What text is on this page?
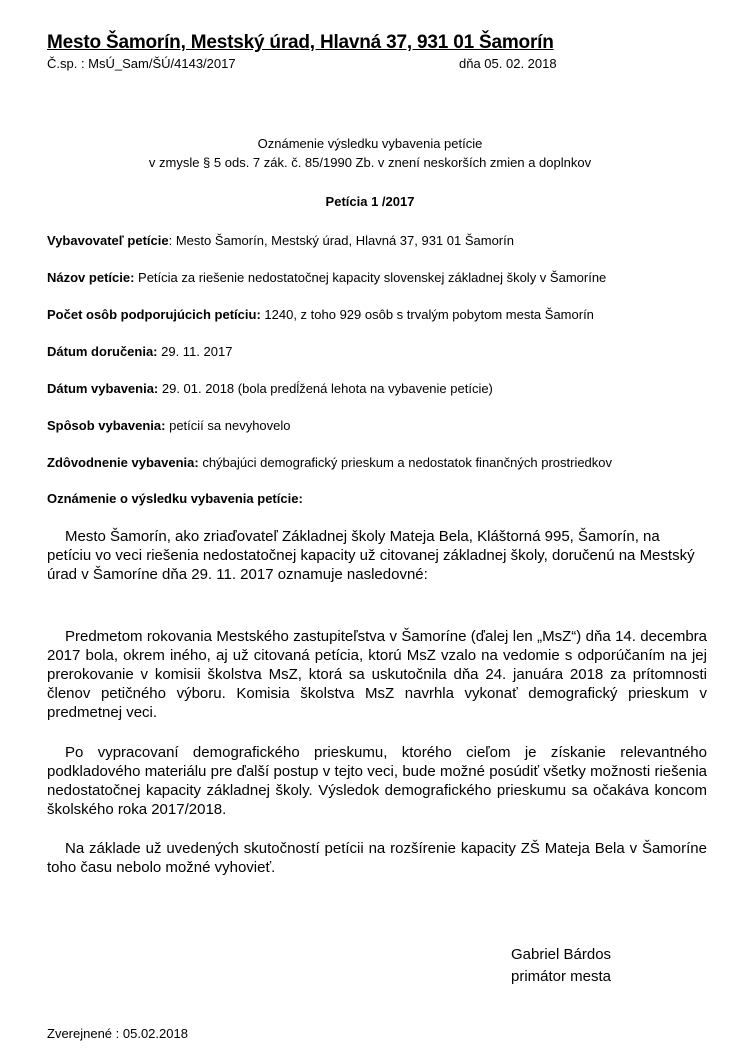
Mesto Šamorín, Mestský úrad, Hlavná 37, 931 01 Šamorín
Č.sp. : MsÚ_Sam/ŠÚ/4143/2017	dňa 05. 02. 2018
Oznámenie výsledku vybavenia petície
v zmysle § 5 ods. 7 zák. č. 85/1990 Zb. v znení neskorších zmien a doplnkov
Petícia 1 /2017
Vybavovateľ petície: Mesto Šamorín, Mestský úrad, Hlavná 37, 931 01 Šamorín
Názov petície: Petícia za riešenie nedostatočnej kapacity slovenskej základnej školy v Šamoríne
Počet osôb podporujúcich petíciu: 1240, z toho 929 osôb s trvalým pobytom mesta Šamorín
Dátum doručenia: 29. 11. 2017
Dátum vybavenia: 29. 01. 2018 (bola predĺžená lehota na vybavenie petície)
Spôsob vybavenia: petícií sa nevyhovelo
Zdôvodnenie vybavenia: chýbajúci demografický prieskum a nedostatok finančných prostriedkov
Oznámenie o výsledku vybavenia petície:
Mesto Šamorín, ako zriaďovateľ Základnej školy Mateja Bela, Kláštorná 995, Šamorín, na petíciu vo veci riešenia nedostatočnej kapacity už citovanej základnej školy, doručenú na Mestský úrad v Šamoríne dňa 29. 11. 2017 oznamuje nasledovné:
Predmetom rokovania Mestského zastupiteľstva v Šamoríne (ďalej len „MsZ“) dňa 14. decembra 2017 bola, okrem iného, aj už citovaná petícia, ktorú MsZ vzalo na vedomie s odporúčaním na jej prerokovanie v komisii školstva MsZ, ktorá sa uskutočnila dňa 24. januára 2018 za prítomnosti členov petičného výboru. Komisia školstva MsZ navrhla vykonať demografický prieskum v predmetnej veci.
Po vypracovaní demografického prieskumu, ktorého cieľom je získanie relevantného podkladového materiálu pre ďalší postup v tejto veci, bude možné posúdiť všetky možnosti riešenia nedostatočnej kapacity základnej školy. Výsledok demografického prieskumu sa očakáva koncom školského roka 2017/2018.
Na základe už uvedených skutočností petícii na rozšírenie kapacity ZŠ Mateja Bela v Šamoríne toho času nebolo možné vyhovieť.
Gabriel Bárdos
primátor mesta
Zverejnené : 05.02.2018
